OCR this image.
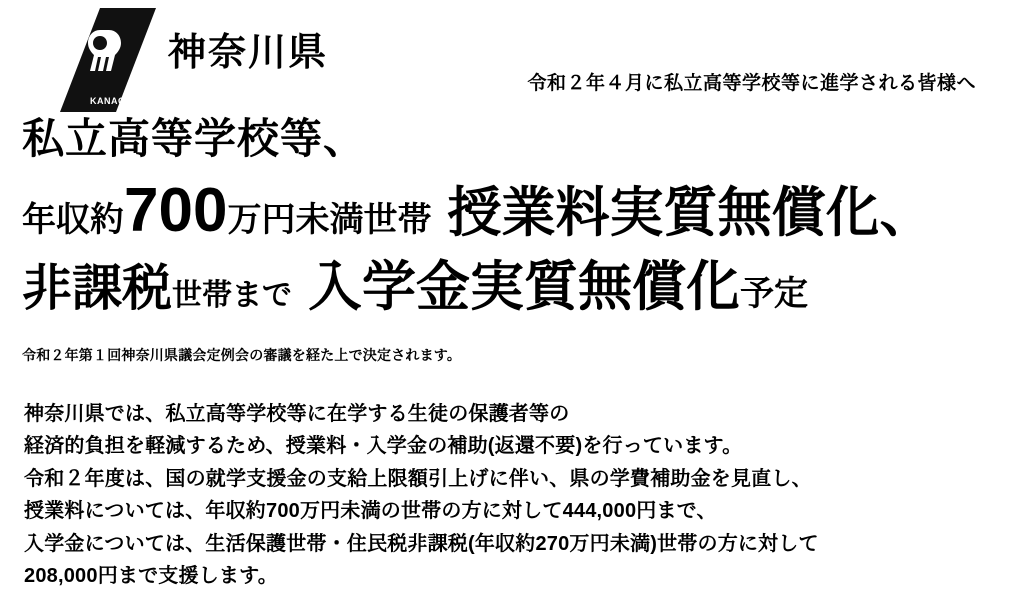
KANAGAWA
神奈川県
令和２年４月に私立高等学校等に進学される皆様へ
私立高等学校等、
年収約 700 万円未満世帯 授業料実質無償化、
非課税 世帯まで 入学金実質無償化 予定
令和２年第１回神奈川県議会定例会の審議を経た上で決定されます。
神奈川県では、私立高等学校等に在学する生徒の保護者等の
経済的負担を軽減するため、授業料・入学金の補助(返還不要)を行っています。
令和２年度は、国の就学支援金の支給上限額引上げに伴い、県の学費補助金を見直し、
授業料については、年収約700万円未満の世帯の方に対して444,000円まで、
入学金については、生活保護世帯・住民税非課税(年収約270万円未満)世帯の方に対して
208,000円まで支援します。
